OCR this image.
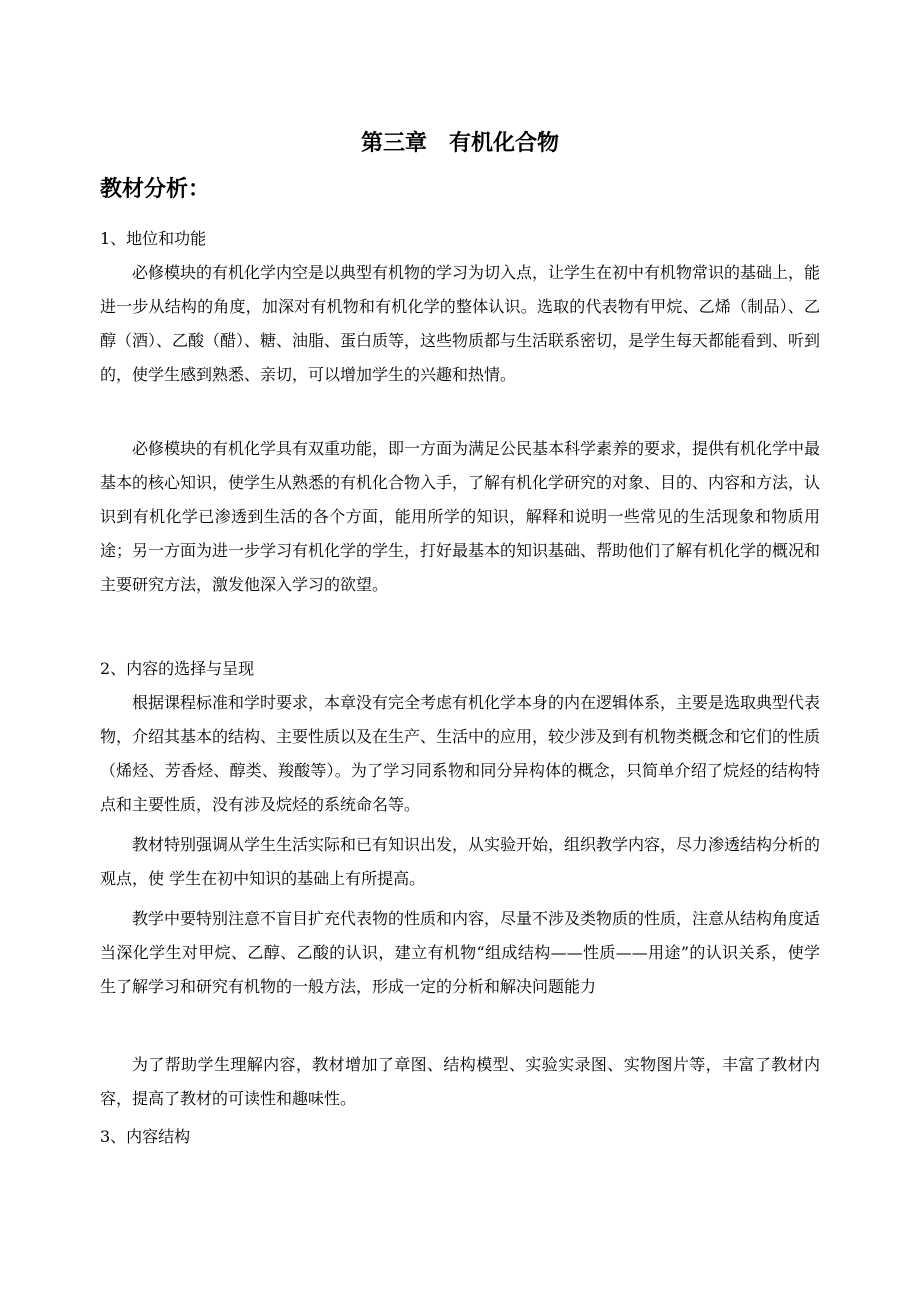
第三章　有机化合物
教材分析：
1、地位和功能
必修模块的有机化学内空是以典型有机物的学习为切入点，让学生在初中有机物常识的基础上，能进一步从结构的角度，加深对有机物和有机化学的整体认识。选取的代表物有甲烷、乙烯（制品）、乙醇（酒）、乙酸（醋）、糖、油脂、蛋白质等，这些物质都与生活联系密切，是学生每天都能看到、听到的，使学生感到熟悉、亲切，可以增加学生的兴趣和热情。
必修模块的有机化学具有双重功能，即一方面为满足公民基本科学素养的要求，提供有机化学中最基本的核心知识，使学生从熟悉的有机化合物入手，了解有机化学研究的对象、目的、内容和方法，认识到有机化学已渗透到生活的各个方面，能用所学的知识，解释和说明一些常见的生活现象和物质用途；另一方面为进一步学习有机化学的学生，打好最基本的知识基础、帮助他们了解有机化学的概况和主要研究方法，激发他深入学习的欲望。
2、内容的选择与呈现
根据课程标准和学时要求，本章没有完全考虑有机化学本身的内在逻辑体系，主要是选取典型代表物，介绍其基本的结构、主要性质以及在生产、生活中的应用，较少涉及到有机物类概念和它们的性质（烯烃、芳香烃、醇类、羧酸等）。为了学习同系物和同分异构体的概念，只简单介绍了烷烃的结构特点和主要性质，没有涉及烷烃的系统命名等。
教材特别强调从学生生活实际和已有知识出发，从实验开始，组织教学内容，尽力渗透结构分析的观点，使 学生在初中知识的基础上有所提高。
教学中要特别注意不盲目扩充代表物的性质和内容，尽量不涉及类物质的性质，注意从结构角度适当深化学生对甲烷、乙醇、乙酸的认识，建立有机物“组成结构——性质——用途”的认识关系，使学生了解学习和研究有机物的一般方法，形成一定的分析和解决问题能力
为了帮助学生理解内容，教材增加了章图、结构模型、实验实录图、实物图片等，丰富了教材内容，提高了教材的可读性和趣味性。
3、内容结构
